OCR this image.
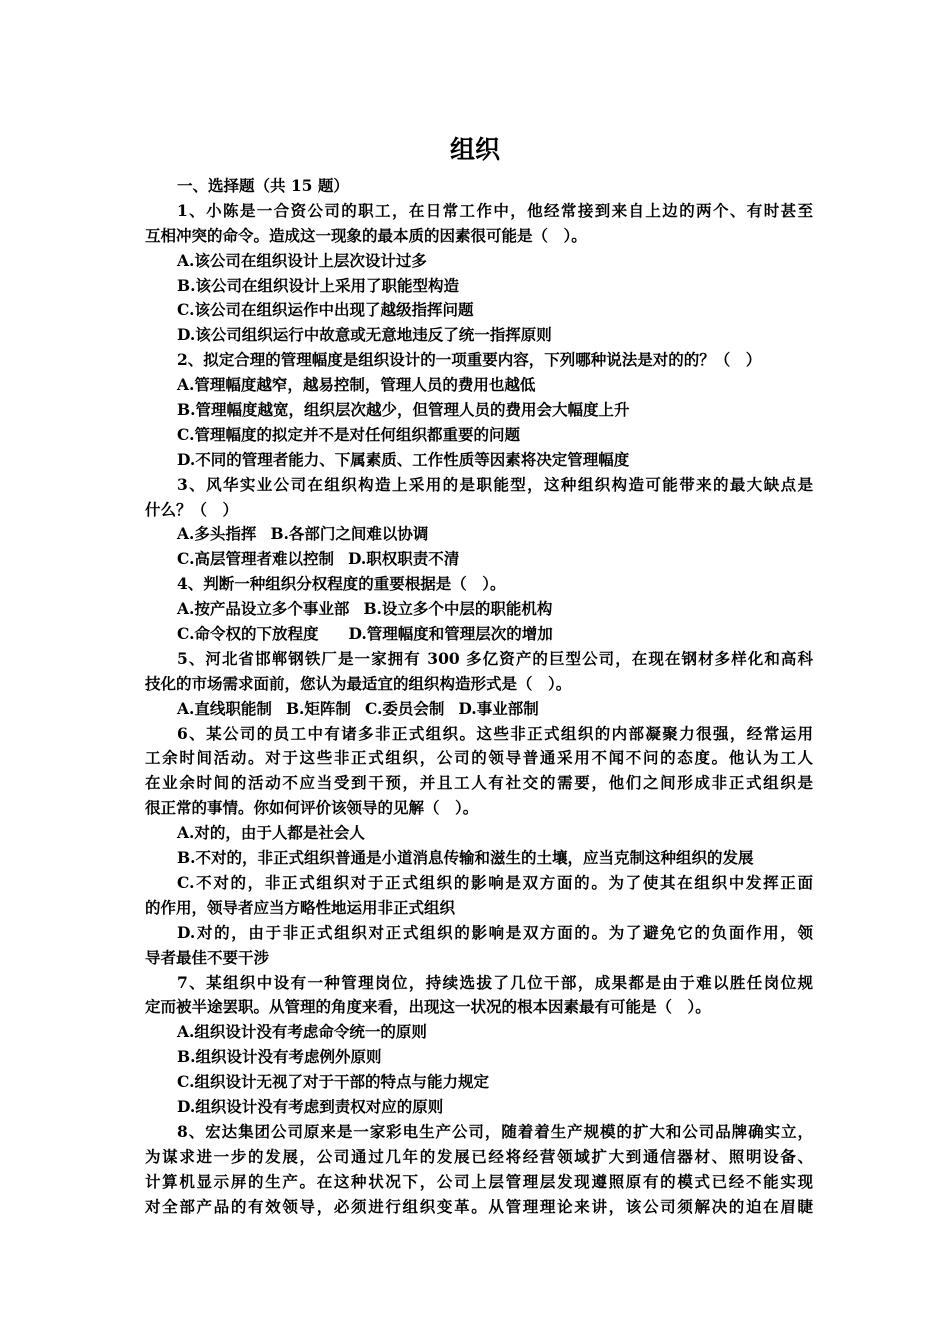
组织
一、选择题（共 15 题）
1、小陈是一合资公司的职工，在日常工作中，他经常接到来自上边的两个、有时甚至
互相冲突的命令。造成这一现象的最本质的因素很可能是（　）。
A.该公司在组织设计上层次设计过多
B.该公司在组织设计上采用了职能型构造
C.该公司在组织运作中出现了越级指挥问题
D.该公司组织运行中故意或无意地违反了统一指挥原则
2、拟定合理的管理幅度是组织设计的一项重要内容，下列哪种说法是对的的？（　）
A.管理幅度越窄，越易控制，管理人员的费用也越低
B.管理幅度越宽，组织层次越少，但管理人员的费用会大幅度上升
C.管理幅度的拟定并不是对任何组织都重要的问题
D.不同的管理者能力、下属素质、工作性质等因素将决定管理幅度
3、风华实业公司在组织构造上采用的是职能型，这种组织构造可能带来的最大缺点是
什么？（　）
A.多头指挥 B.各部门之间难以协调
C.高层管理者难以控制 D.职权职责不清
4、判断一种组织分权程度的重要根据是（　）。
A.按产品设立多个事业部 B.设立多个中层的职能机构
C.命令权的下放程度 D.管理幅度和管理层次的增加
5、河北省邯郸钢铁厂是一家拥有 300 多亿资产的巨型公司，在现在钢材多样化和高科
技化的市场需求面前，您认为最适宜的组织构造形式是（　）。
A.直线职能制 B.矩阵制 C.委员会制 D.事业部制
6、某公司的员工中有诸多非正式组织。这些非正式组织的内部凝聚力很强，经常运用
工余时间活动。对于这些非正式组织，公司的领导普通采用不闻不问的态度。他认为工人
在业余时间的活动不应当受到干预，并且工人有社交的需要，他们之间形成非正式组织是
很正常的事情。你如何评价该领导的见解（　）。
A.对的，由于人都是社会人
B.不对的，非正式组织普通是小道消息传输和滋生的土壤，应当克制这种组织的发展
C.不对的，非正式组织对于正式组织的影响是双方面的。为了使其在组织中发挥正面
的作用，领导者应当方略性地运用非正式组织
D.对的，由于非正式组织对正式组织的影响是双方面的。为了避免它的负面作用，领
导者最佳不要干涉
7、某组织中设有一种管理岗位，持续选拔了几位干部，成果都是由于难以胜任岗位规
定而被半途罢职。从管理的角度来看，出现这一状况的根本因素最有可能是（　）。
A.组织设计没有考虑命令统一的原则
B.组织设计没有考虑例外原则
C.组织设计无视了对于干部的特点与能力规定
D.组织设计没有考虑到责权对应的原则
8、宏达集团公司原来是一家彩电生产公司，随着着生产规模的扩大和公司品牌确实立，
为谋求进一步的发展，公司通过几年的发展已经将经营领域扩大到通信器材、照明设备、
计算机显示屏的生产。在这种状况下，公司上层管理层发现遵照原有的模式已经不能实现
对全部产品的有效领导，必须进行组织变革。从管理理论来讲，该公司须解决的迫在眉睫
